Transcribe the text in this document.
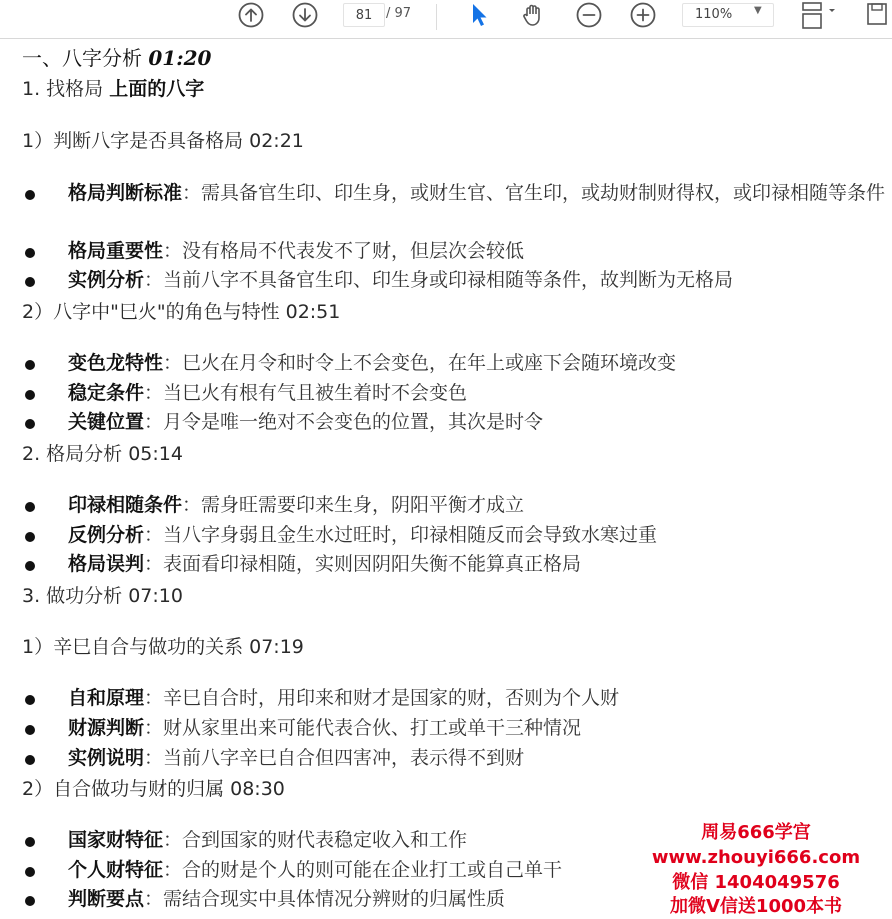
81	/ 97	110% ▼
一、八字分析 01:20
1. 找格局 上面的八字
1）判断八字是否具备格局 02:21
格局判断标准：需具备官生印、印生身，或财生官、官生印，或劫财制财得权，或印禄相随等条件
格局重要性：没有格局不代表发不了财，但层次会较低
实例分析：当前八字不具备官生印、印生身或印禄相随等条件，故判断为无格局
2）八字中"巳火"的角色与特性 02:51
变色龙特性：巳火在月令和时令上不会变色，在年上或座下会随环境改变
稳定条件：当巳火有根有气且被生着时不会变色
关键位置：月令是唯一绝对不会变色的位置，其次是时令
2. 格局分析 05:14
印禄相随条件：需身旺需要印来生身，阴阳平衡才成立
反例分析：当八字身弱且金生水过旺时，印禄相随反而会导致水寒过重
格局误判：表面看印禄相随，实则因阴阳失衡不能算真正格局
3. 做功分析 07:10
1）辛巳自合与做功的关系 07:19
自和原理：辛巳自合时，用印来和财才是国家的财，否则为个人财
财源判断：财从家里出来可能代表合伙、打工或单干三种情况
实例说明：当前八字辛巳自合但四害冲，表示得不到财
2）自合做功与财的归属 08:30
国家财特征：合到国家的财代表稳定收入和工作
个人财特征：合的财是个人的则可能在企业打工或自己单干
判断要点：需结合现实中具体情况分辨财的归属性质
周易666学宫
www.zhouyi666.com
微信 1404049576
加微V信送1000本书
